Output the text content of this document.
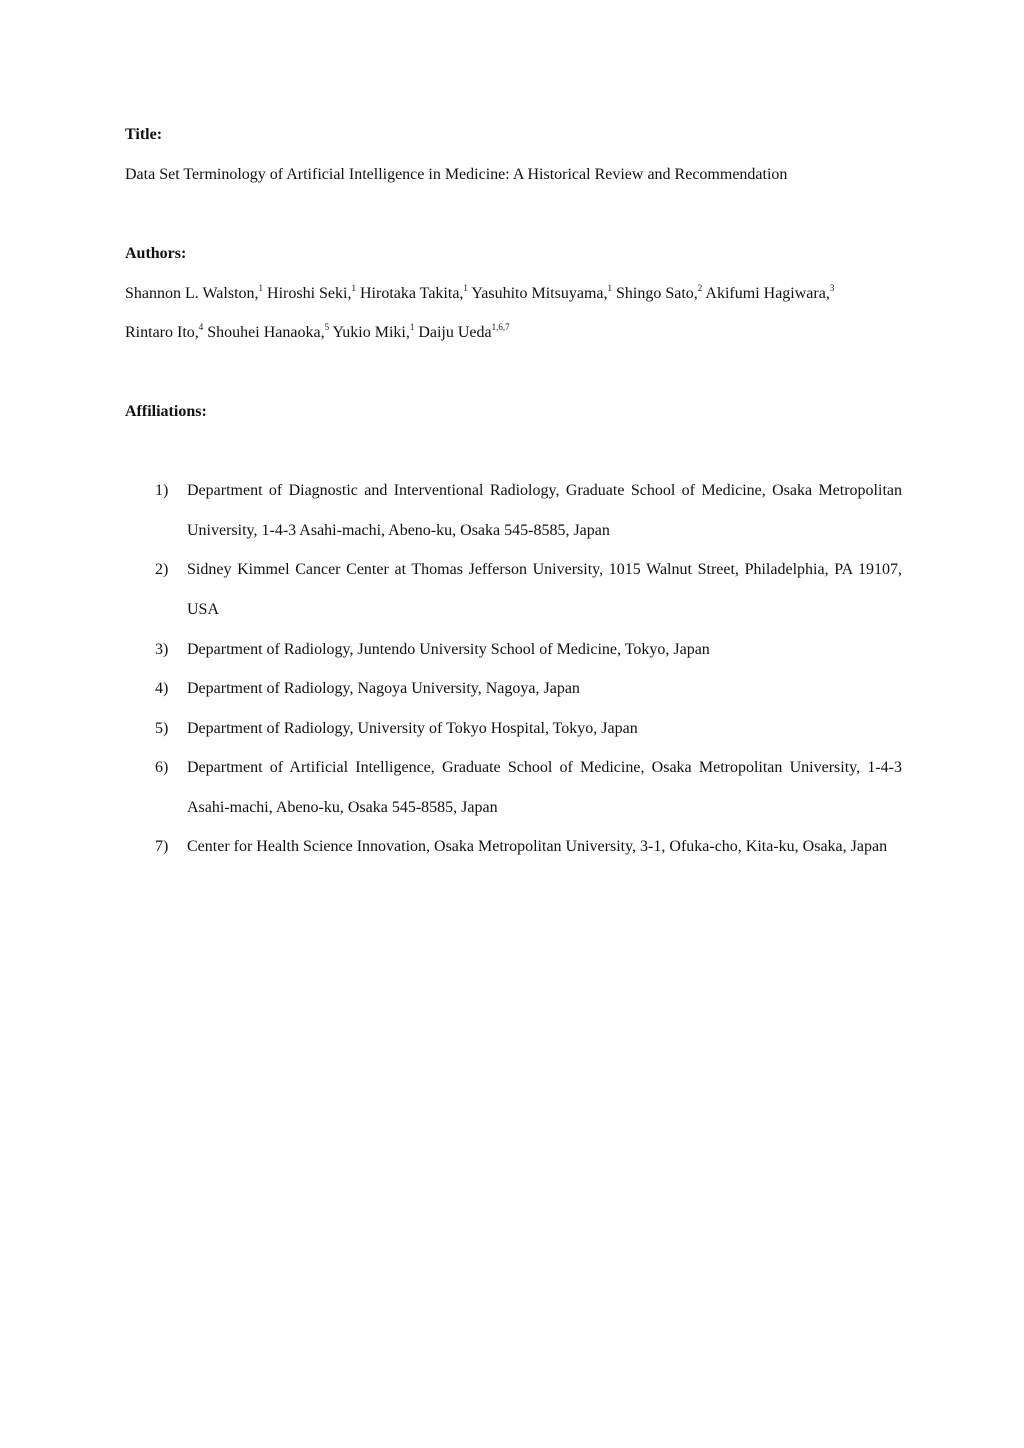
Title:
Data Set Terminology of Artificial Intelligence in Medicine: A Historical Review and Recommendation
Authors:
Shannon L. Walston,$^1$ Hiroshi Seki,$^1$ Hirotaka Takita,$^1$ Yasuhito Mitsuyama,$^1$ Shingo Sato,$^2$ Akifumi Hagiwara,$^3$
Rintaro Ito,$^4$ Shouhei Hanaoka,$^5$ Yukio Miki,$^1$ Daiju Ueda$^{1,6,7}$
Affiliations:
1)	Department of Diagnostic and Interventional Radiology, Graduate School of Medicine, Osaka Metropolitan University, 1-4-3 Asahi-machi, Abeno-ku, Osaka 545-8585, Japan
2)	Sidney Kimmel Cancer Center at Thomas Jefferson University, 1015 Walnut Street, Philadelphia, PA 19107, USA
3)	Department of Radiology, Juntendo University School of Medicine, Tokyo, Japan
4)	Department of Radiology, Nagoya University, Nagoya, Japan
5)	Department of Radiology, University of Tokyo Hospital, Tokyo, Japan
6)	Department of Artificial Intelligence, Graduate School of Medicine, Osaka Metropolitan University, 1-4-3 Asahi-machi, Abeno-ku, Osaka 545-8585, Japan
7)	Center for Health Science Innovation, Osaka Metropolitan University, 3-1, Ofuka-cho, Kita-ku, Osaka, Japan
